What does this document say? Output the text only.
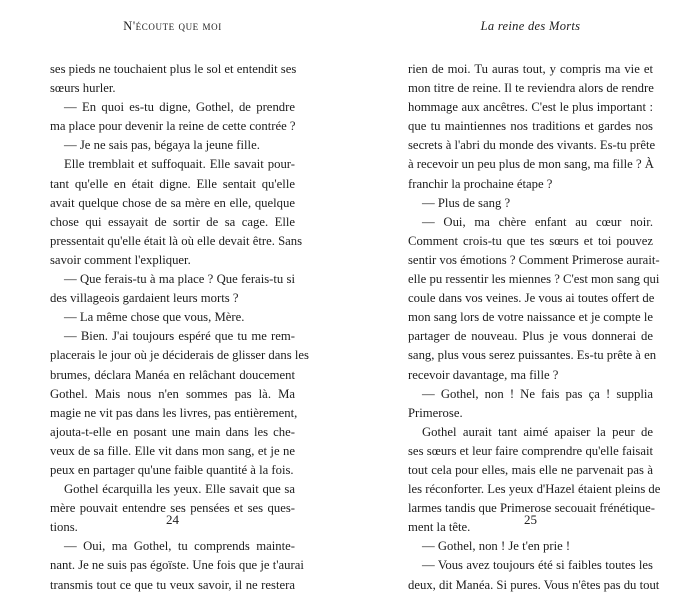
N'écoute que moi
ses pieds ne touchaient plus le sol et entendit ses
sœurs hurler.
— En quoi es-tu digne, Gothel, de prendre
ma place pour devenir la reine de cette contrée ?
— Je ne sais pas, bégaya la jeune fille.
Elle tremblait et suffoquait. Elle savait pour-
tant qu'elle en était digne. Elle sentait qu'elle
avait quelque chose de sa mère en elle, quelque
chose qui essayait de sortir de sa cage. Elle
pressentait qu'elle était là où elle devait être. Sans
savoir comment l'expliquer.
— Que ferais-tu à ma place ? Que ferais-tu si
des villageois gardaient leurs morts ?
— La même chose que vous, Mère.
— Bien. J'ai toujours espéré que tu me rem-
placerais le jour où je déciderais de glisser dans les
brumes, déclara Manéa en relâchant doucement
Gothel. Mais nous n'en sommes pas là. Ma
magie ne vit pas dans les livres, pas entièrement,
ajouta-t-elle en posant une main dans les che-
veux de sa fille. Elle vit dans mon sang, et je ne
peux en partager qu'une faible quantité à la fois.
Gothel écarquilla les yeux. Elle savait que sa
mère pouvait entendre ses pensées et ses ques-
tions.
— Oui, ma Gothel, tu comprends mainte-
nant. Je ne suis pas égoïste. Une fois que je t'aurai
transmis tout ce que tu veux savoir, il ne restera
24
La reine des Morts
rien de moi. Tu auras tout, y compris ma vie et
mon titre de reine. Il te reviendra alors de rendre
hommage aux ancêtres. C'est le plus important :
que tu maintiennes nos traditions et gardes nos
secrets à l'abri du monde des vivants. Es-tu prête
à recevoir un peu plus de mon sang, ma fille ? À
franchir la prochaine étape ?
— Plus de sang ?
— Oui, ma chère enfant au cœur noir.
Comment crois-tu que tes sœurs et toi pouvez
sentir vos émotions ? Comment Primerose aurait-
elle pu ressentir les miennes ? C'est mon sang qui
coule dans vos veines. Je vous ai toutes offert de
mon sang lors de votre naissance et je compte le
partager de nouveau. Plus je vous donnerai de
sang, plus vous serez puissantes. Es-tu prête à en
recevoir davantage, ma fille ?
— Gothel, non ! Ne fais pas ça ! supplia
Primerose.
Gothel aurait tant aimé apaiser la peur de
ses sœurs et leur faire comprendre qu'elle faisait
tout cela pour elles, mais elle ne parvenait pas à
les réconforter. Les yeux d'Hazel étaient pleins de
larmes tandis que Primerose secouait frénétique-
ment la tête.
— Gothel, non ! Je t'en prie !
— Vous avez toujours été si faibles toutes les
deux, dit Manéa. Si pures. Vous n'êtes pas du tout
25
